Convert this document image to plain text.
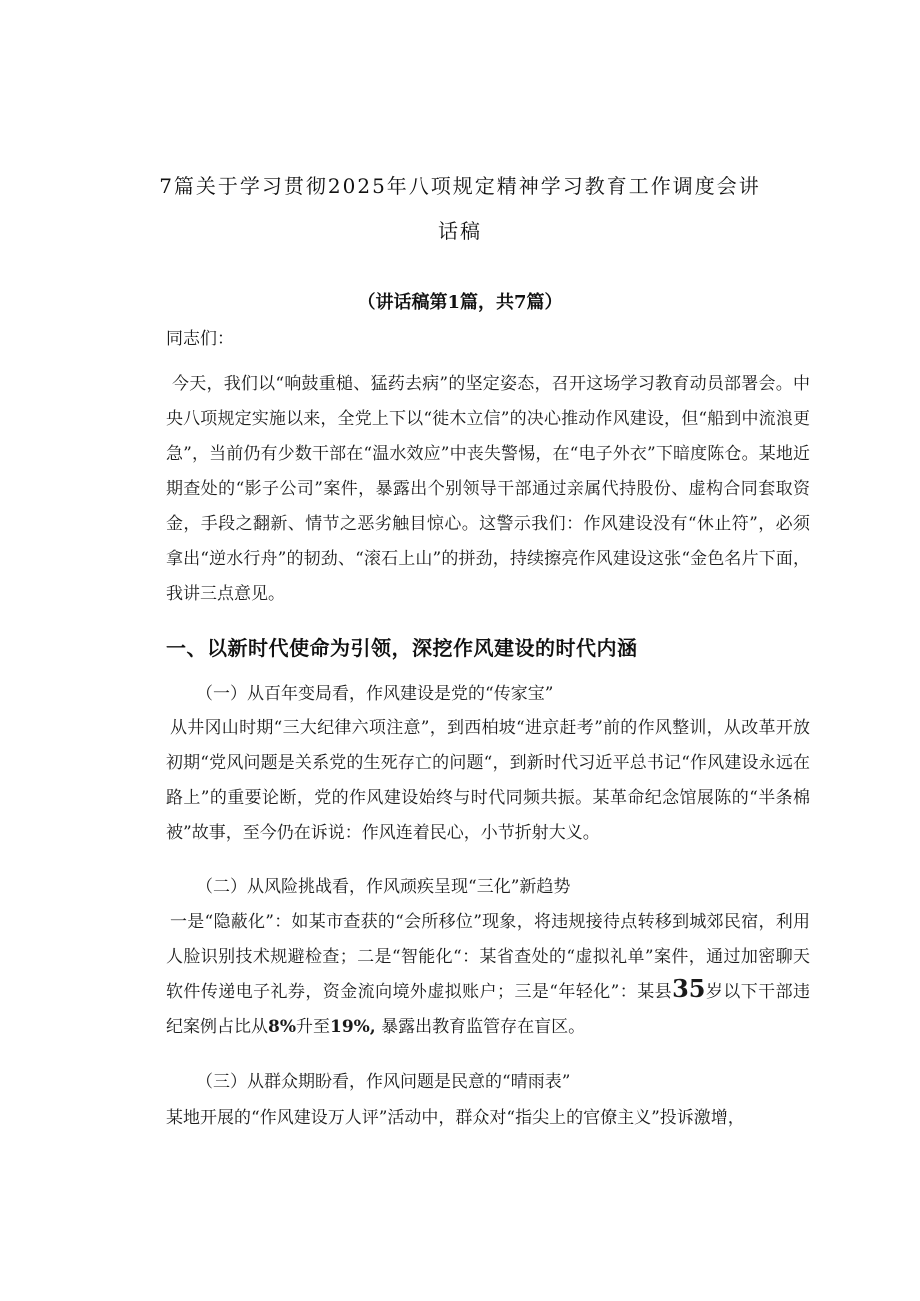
7篇关于学习贯彻2025年八项规定精神学习教育工作调度会讲
话稿
（讲话稿第1篇，共7篇）
同志们：
今天，我们以“响鼓重槌、猛药去病”的坚定姿态，召开这场学习教育动员部署会。中央八项规定实施以来，全党上下以“徙木立信”的决心推动作风建设，但“船到中流浪更急”，当前仍有少数干部在“温水效应”中丧失警惕，在“电子外衣”下暗度陈仓。某地近期查处的“影子公司”案件，暴露出个别领导干部通过亲属代持股份、虚构合同套取资金，手段之翻新、情节之恶劣触目惊心。这警示我们：作风建设没有“休止符”，必须拿出“逆水行舟”的韧劲、“滚石上山”的拼劲，持续擦亮作风建设这张“金色名片下面，我讲三点意见。
一、以新时代使命为引领，深挖作风建设的时代内涵
（一）从百年变局看，作风建设是党的“传家宝”
从井冈山时期“三大纪律六项注意”，到西柏坡“进京赶考”前的作风整训，从改革开放初期“党风问题是关系党的生死存亡的问题“，到新时代习近平总书记“作风建设永远在路上”的重要论断，党的作风建设始终与时代同频共振。某革命纪念馆展陈的“半条棉被”故事，至今仍在诉说：作风连着民心，小节折射大义。
（二）从风险挑战看，作风顽疾呈现“三化”新趋势
一是“隐蔽化”：如某市查获的“会所移位”现象，将违规接待点转移到城郊民宿，利用人脸识别技术规避检查；二是“智能化“：某省查处的“虚拟礼单”案件，通过加密聊天软件传递电子礼券，资金流向境外虚拟账户；三是“年轻化”：某县35岁以下干部违纪案例占比从8%升至19%, 暴露出教育监管存在盲区。
（三）从群众期盼看，作风问题是民意的“晴雨表”
某地开展的“作风建设万人评”活动中，群众对“指尖上的官僚主义”投诉激增，
